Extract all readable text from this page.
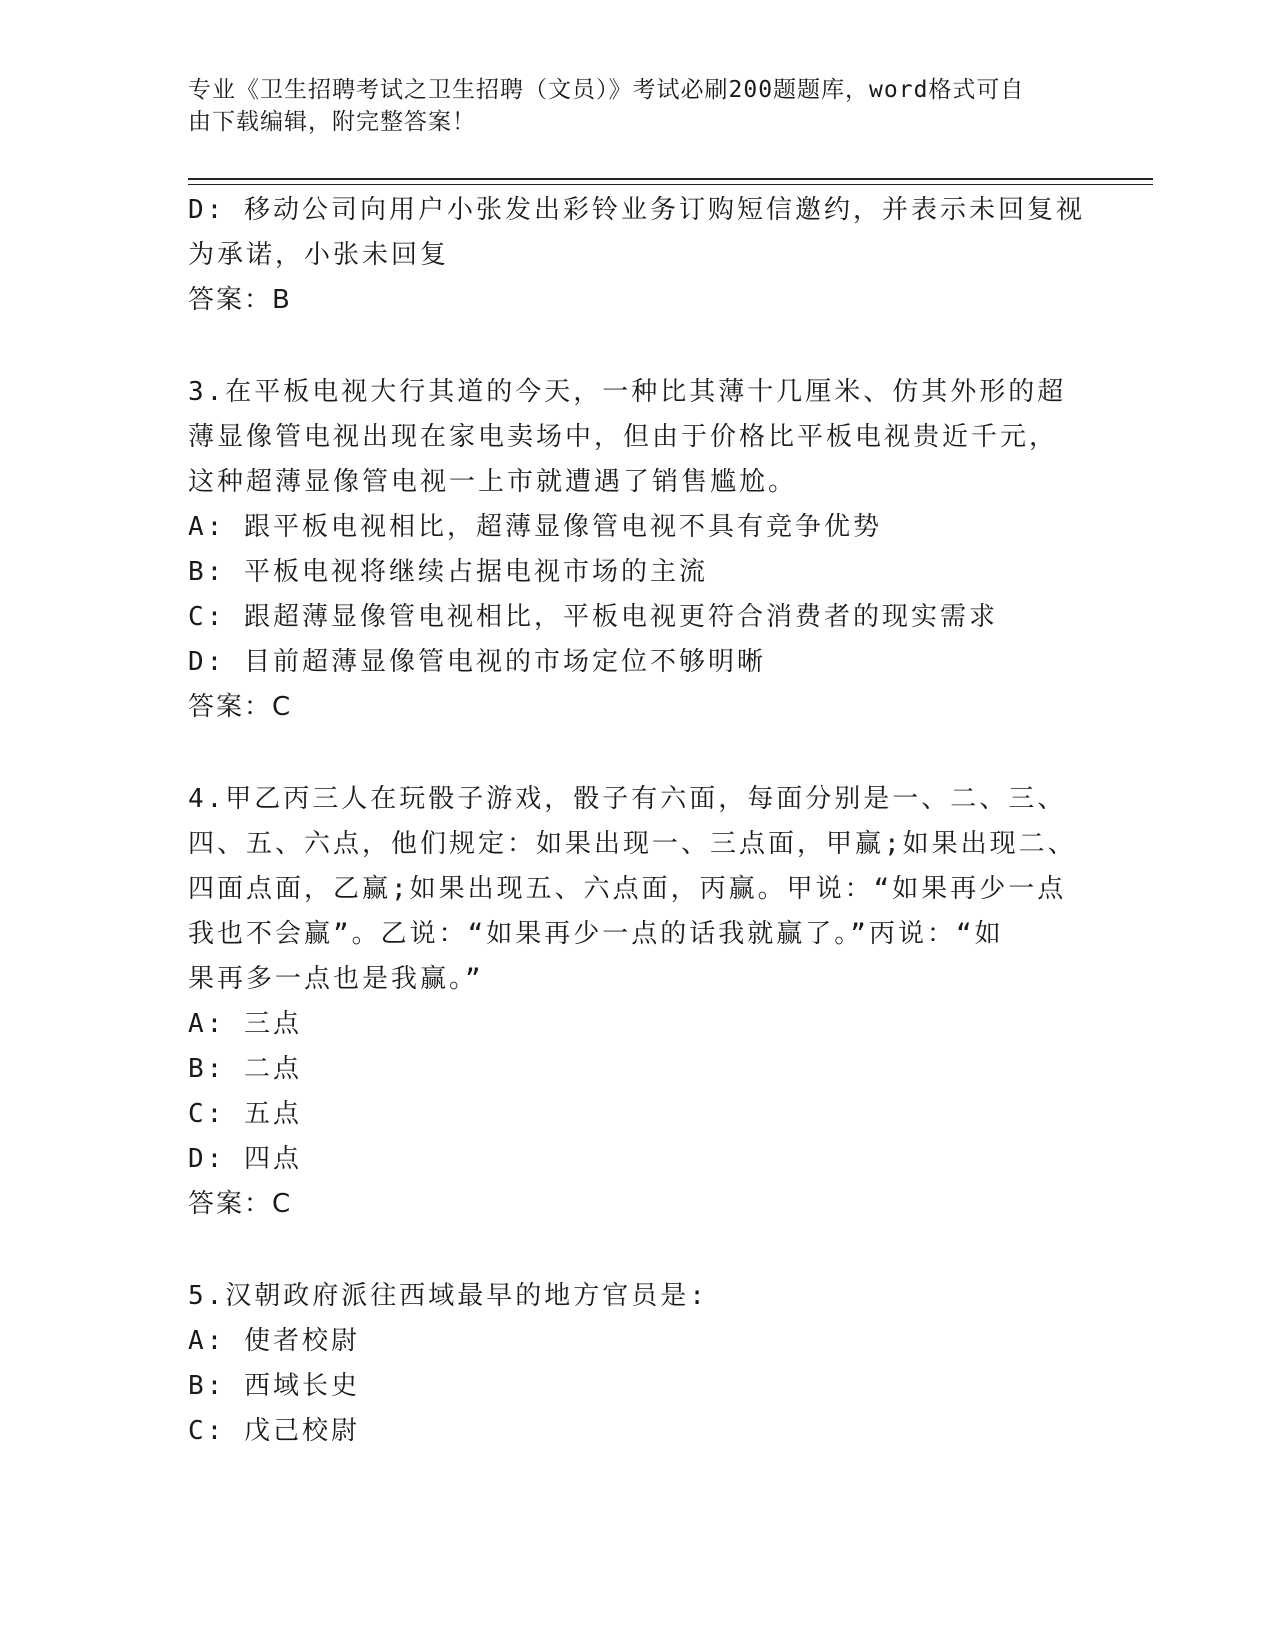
专业《卫生招聘考试之卫生招聘（文员）》考试必刷200题题库，word格式可自
由下载编辑，附完整答案！
D: 移动公司向用户小张发出彩铃业务订购短信邀约，并表示未回复视
为承诺，小张未回复
答案：B
3.在平板电视大行其道的今天，一种比其薄十几厘米、仿其外形的超
薄显像管电视出现在家电卖场中，但由于价格比平板电视贵近千元，
这种超薄显像管电视一上市就遭遇了销售尴尬。
A: 跟平板电视相比，超薄显像管电视不具有竞争优势
B: 平板电视将继续占据电视市场的主流
C: 跟超薄显像管电视相比，平板电视更符合消费者的现实需求
D: 目前超薄显像管电视的市场定位不够明晰
答案：C
4.甲乙丙三人在玩骰子游戏，骰子有六面，每面分别是一、二、三、
四、五、六点，他们规定：如果出现一、三点面，甲赢;如果出现二、
四面点面，乙赢;如果出现五、六点面，丙赢。甲说：“如果再少一点
我也不会赢”。乙说：“如果再少一点的话我就赢了。”丙说：“如
果再多一点也是我赢。”
A: 三点
B: 二点
C: 五点
D: 四点
答案：C
5.汉朝政府派往西域最早的地方官员是:
A: 使者校尉
B: 西域长史
C: 戊己校尉
